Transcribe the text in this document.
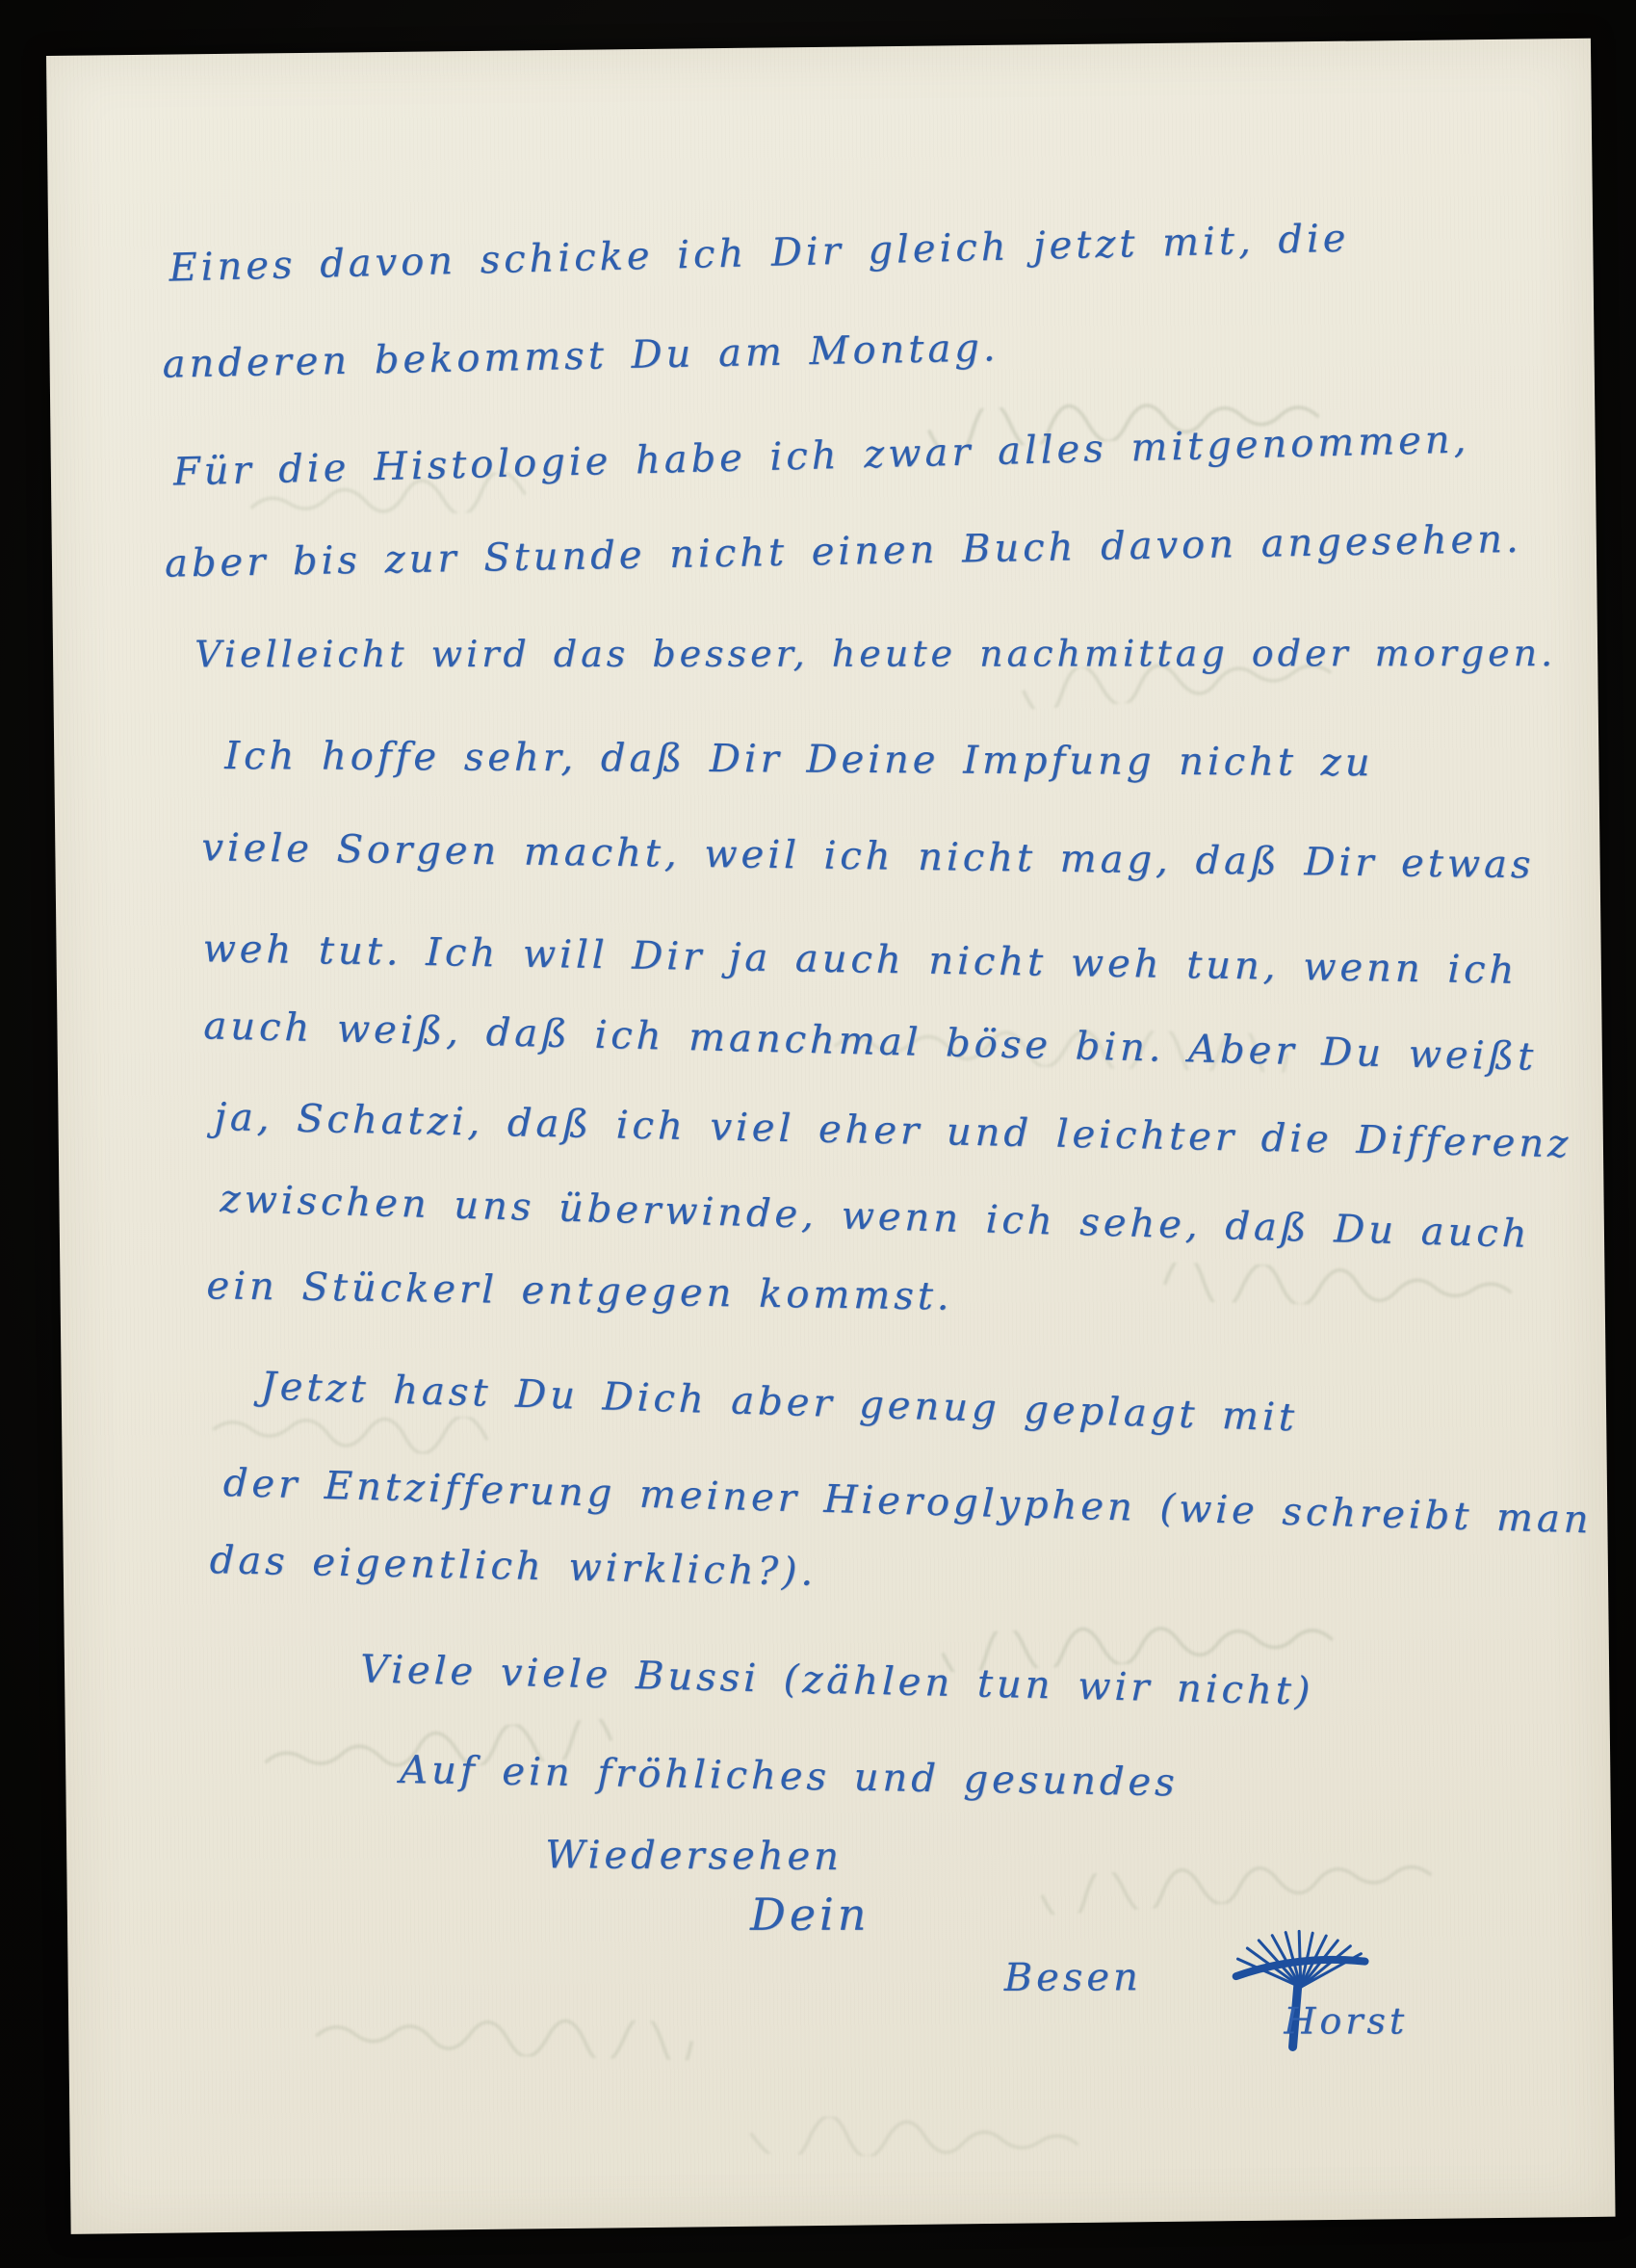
Eines davon schicke ich Dir gleich jetzt mit, die
anderen bekommst Du am Montag.
Für die Histologie habe ich zwar alles mitgenommen,
aber bis zur Stunde nicht einen Buch davon angesehen.
Vielleicht wird das besser, heute nachmittag oder morgen.
Ich hoffe sehr, daß Dir Deine Impfung nicht zu
viele Sorgen macht, weil ich nicht mag, daß Dir etwas
weh tut. Ich will Dir ja auch nicht weh tun, wenn ich
auch weiß, daß ich manchmal böse bin. Aber Du weißt
ja, Schatzi, daß ich viel eher und leichter die Differenz
zwischen uns überwinde, wenn ich sehe, daß Du auch
ein Stückerl entgegen kommst.
Jetzt hast Du Dich aber genug geplagt mit
der Entzifferung meiner Hieroglyphen (wie schreibt man
das eigentlich wirklich?).
Viele viele Bussi (zählen tun wir nicht)
Auf ein fröhliches und gesundes
Wiedersehen
Dein
Besen
Horst
